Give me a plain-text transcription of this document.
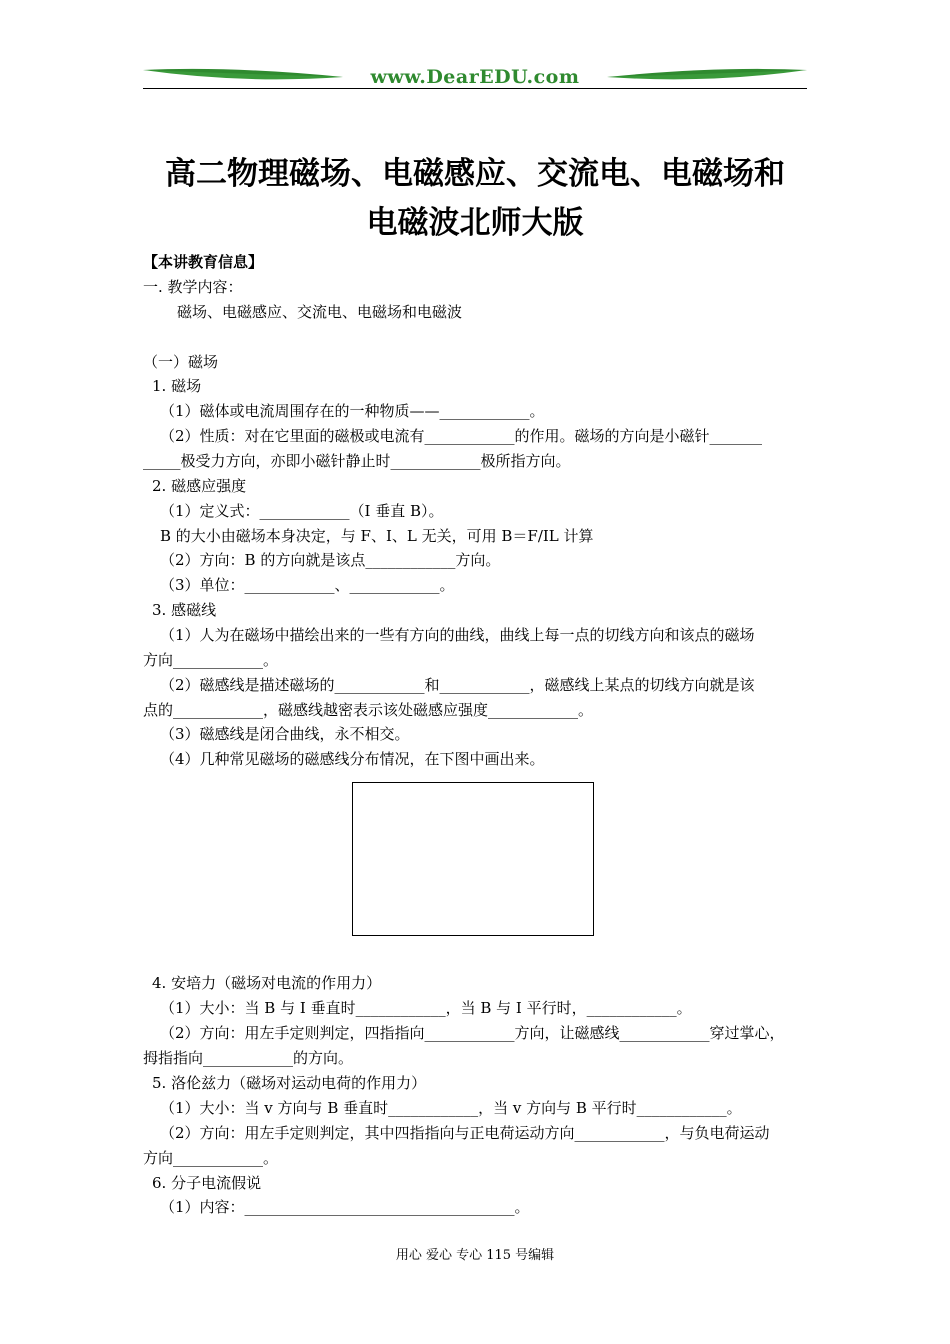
www.DearEDU.com
高二物理磁场、电磁感应、交流电、电磁场和
电磁波北师大版
【本讲教育信息】
一. 教学内容：
磁场、电磁感应、交流电、电磁场和电磁波
（一）磁场
1. 磁场
（1）磁体或电流周围存在的一种物质——____________。
（2）性质：对在它里面的磁极或电流有____________的作用。磁场的方向是小磁针_______
_____极受力方向，亦即小磁针静止时____________极所指方向。
2. 磁感应强度
（1）定义式：____________（I 垂直 B）。
B 的大小由磁场本身决定，与 F、I、L 无关，可用 B＝F/IL 计算
（2）方向：B 的方向就是该点____________方向。
（3）单位：____________、____________。
3. 感磁线
（1）人为在磁场中描绘出来的一些有方向的曲线，曲线上每一点的切线方向和该点的磁场
方向____________。
（2）磁感线是描述磁场的____________和____________，磁感线上某点的切线方向就是该
点的____________，磁感线越密表示该处磁感应强度____________。
（3）磁感线是闭合曲线，永不相交。
（4）几种常见磁场的磁感线分布情况，在下图中画出来。
4. 安培力（磁场对电流的作用力）
（1）大小：当 B 与 I 垂直时____________，当 B 与 I 平行时，____________。
（2）方向：用左手定则判定，四指指向____________方向，让磁感线____________穿过掌心，
拇指指向____________的方向。
5. 洛伦兹力（磁场对运动电荷的作用力）
（1）大小：当 v 方向与 B 垂直时____________，当 v 方向与 B 平行时____________。
（2）方向：用左手定则判定，其中四指指向与正电荷运动方向____________，与负电荷运动
方向____________。
6. 分子电流假说
（1）内容：____________________________________。
用心 爱心 专心 115 号编辑
